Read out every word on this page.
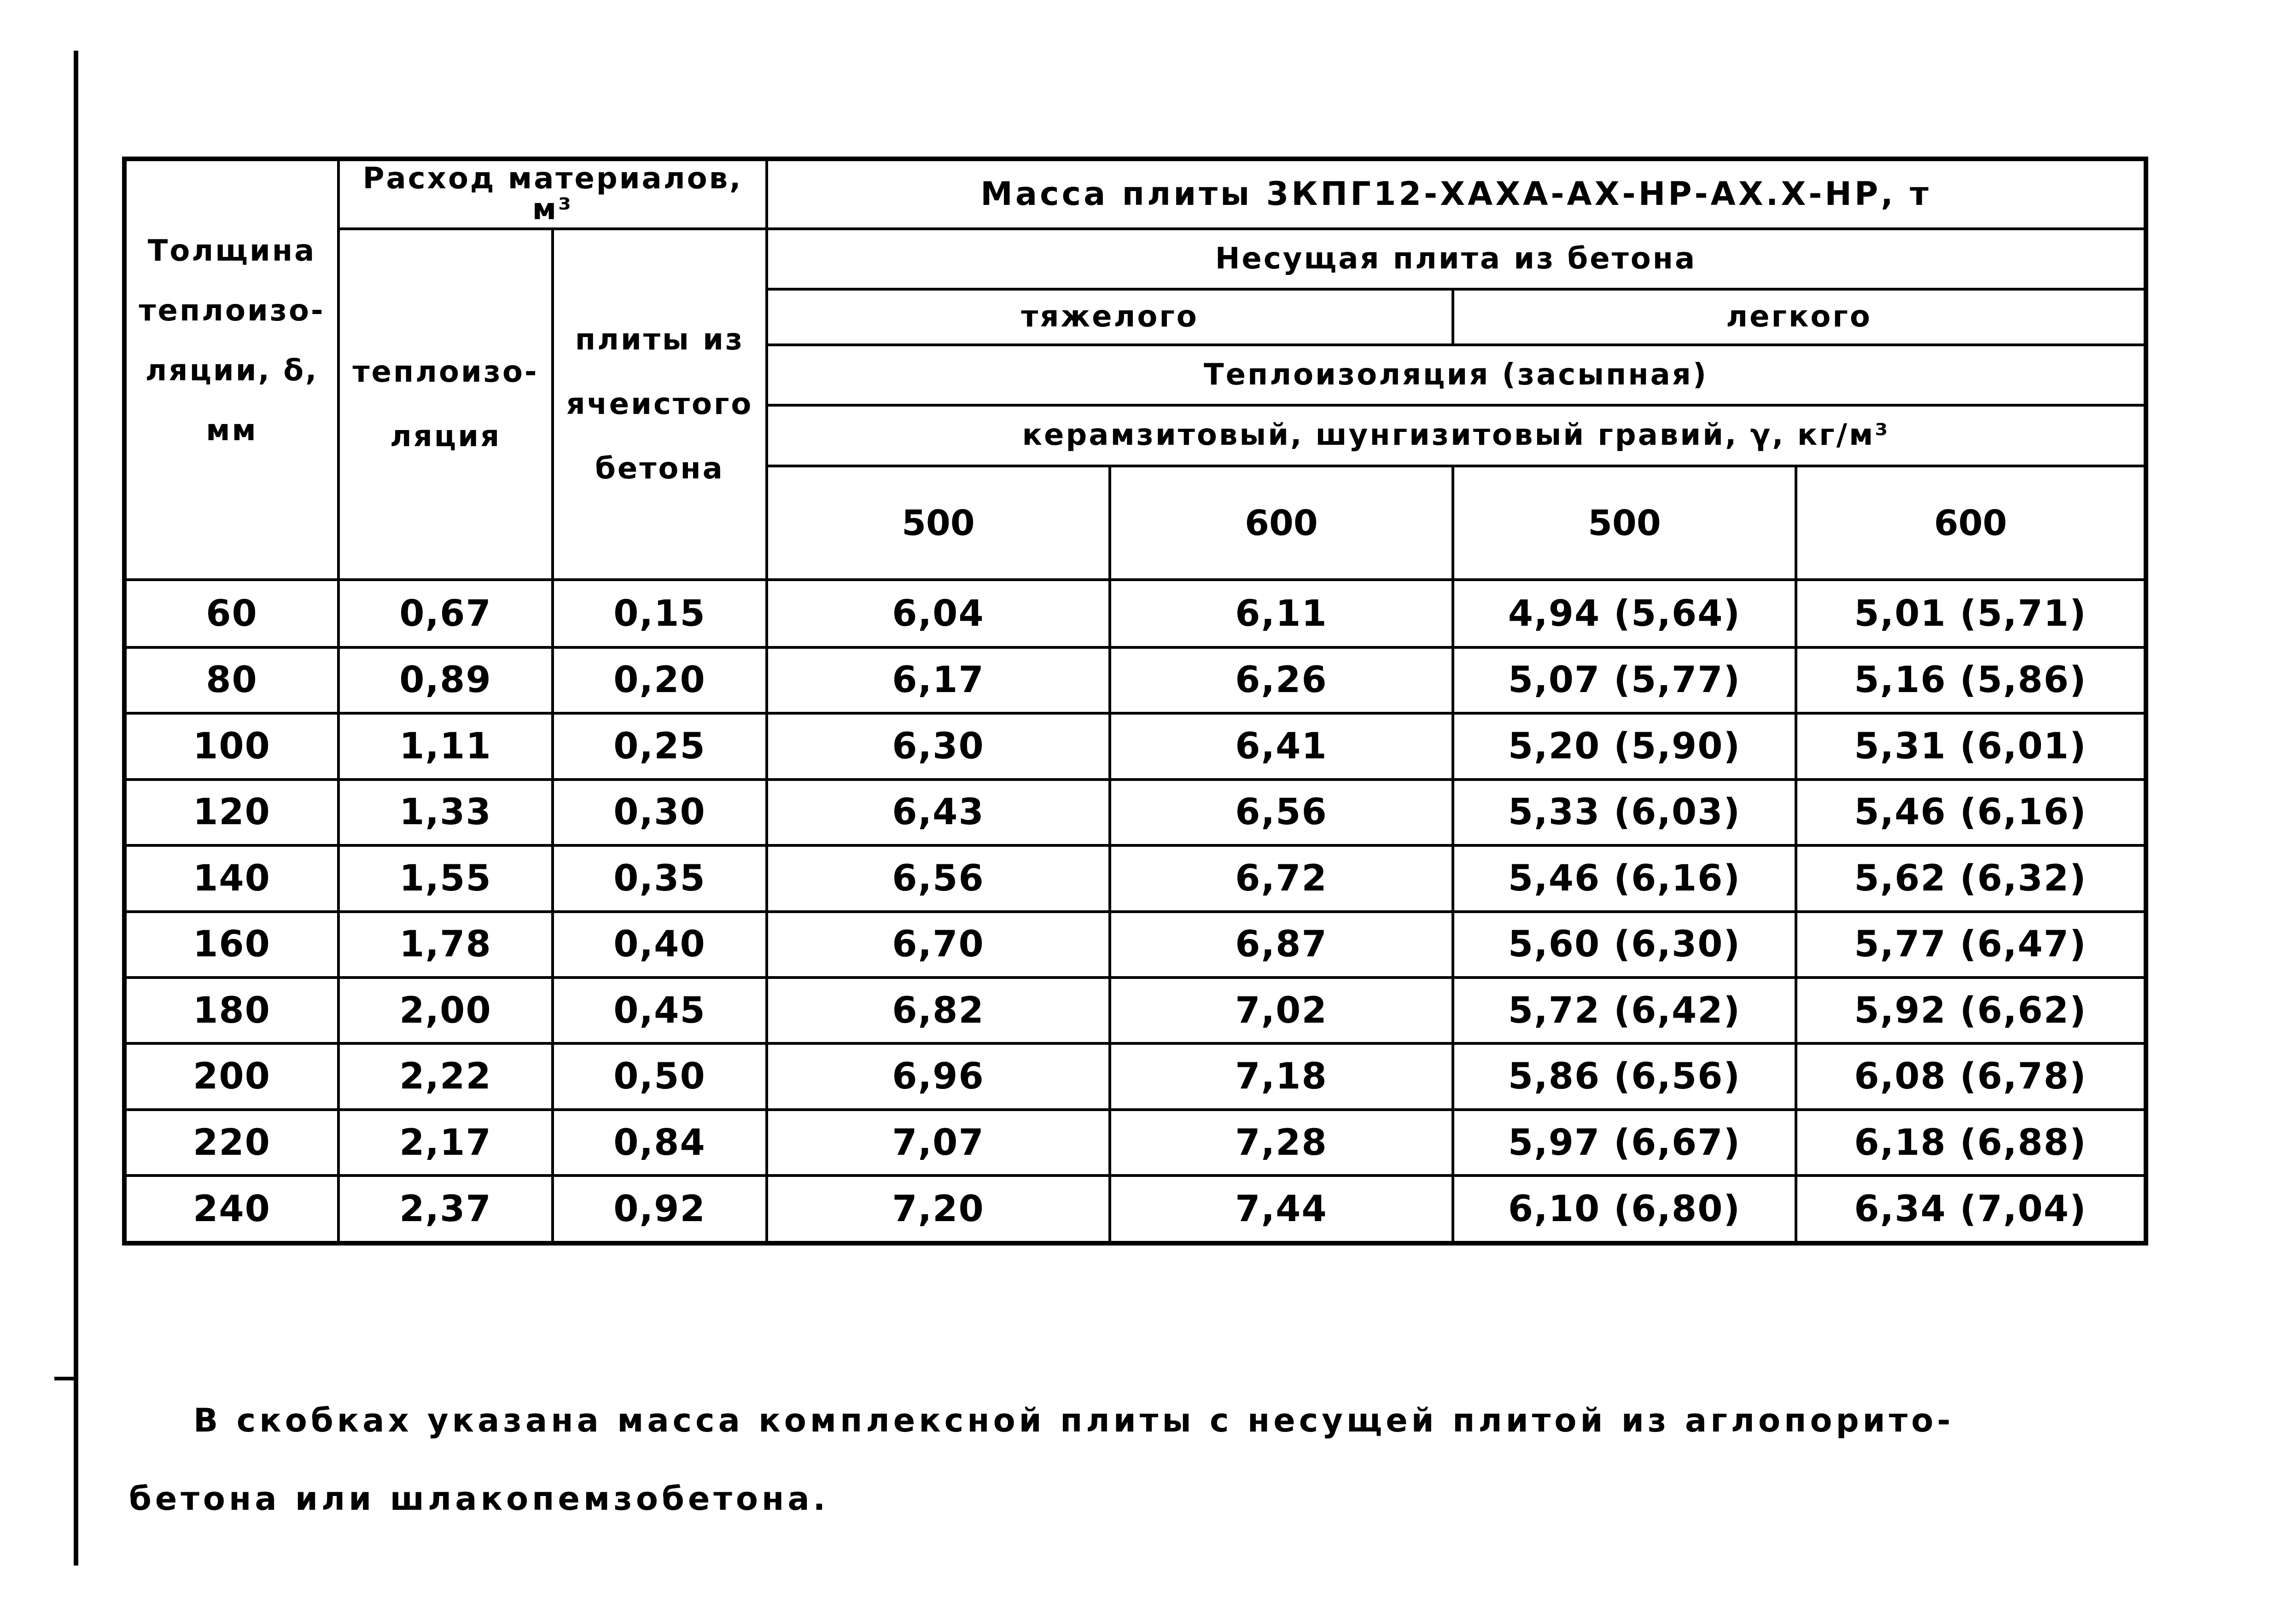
Толщина теплоизо-ляции, δ, мм	Расход материалов, м³		Масса плиты 3КПГ12-ХАХА-АХ-НР-АХ.Х-НР, т			
	теплоизо-ляция	плиты из ячеистого бетона	Несущая плита из бетона			
			тяжелого		легкого	
			Теплоизоляция (засыпная)			
			керамзитовый, шунгизитовый гравий, γ, кг/м³			
			500	600	500	600
60	0,67	0,15	6,04	6,11	4,94 (5,64)	5,01 (5,71)
80	0,89	0,20	6,17	6,26	5,07 (5,77)	5,16 (5,86)
100	1,11	0,25	6,30	6,41	5,20 (5,90)	5,31 (6,01)
120	1,33	0,30	6,43	6,56	5,33 (6,03)	5,46 (6,16)
140	1,55	0,35	6,56	6,72	5,46 (6,16)	5,62 (6,32)
160	1,78	0,40	6,70	6,87	5,60 (6,30)	5,77 (6,47)
180	2,00	0,45	6,82	7,02	5,72 (6,42)	5,92 (6,62)
200	2,22	0,50	6,96	7,18	5,86 (6,56)	6,08 (6,78)
220	2,17	0,84	7,07	7,28	5,97 (6,67)	6,18 (6,88)
240	2,37	0,92	7,20	7,44	6,10 (6,80)	6,34 (7,04)
В скобках указана масса комплексной плиты с несущей плитой из аглопорито-
бетона или шлакопемзобетона.
